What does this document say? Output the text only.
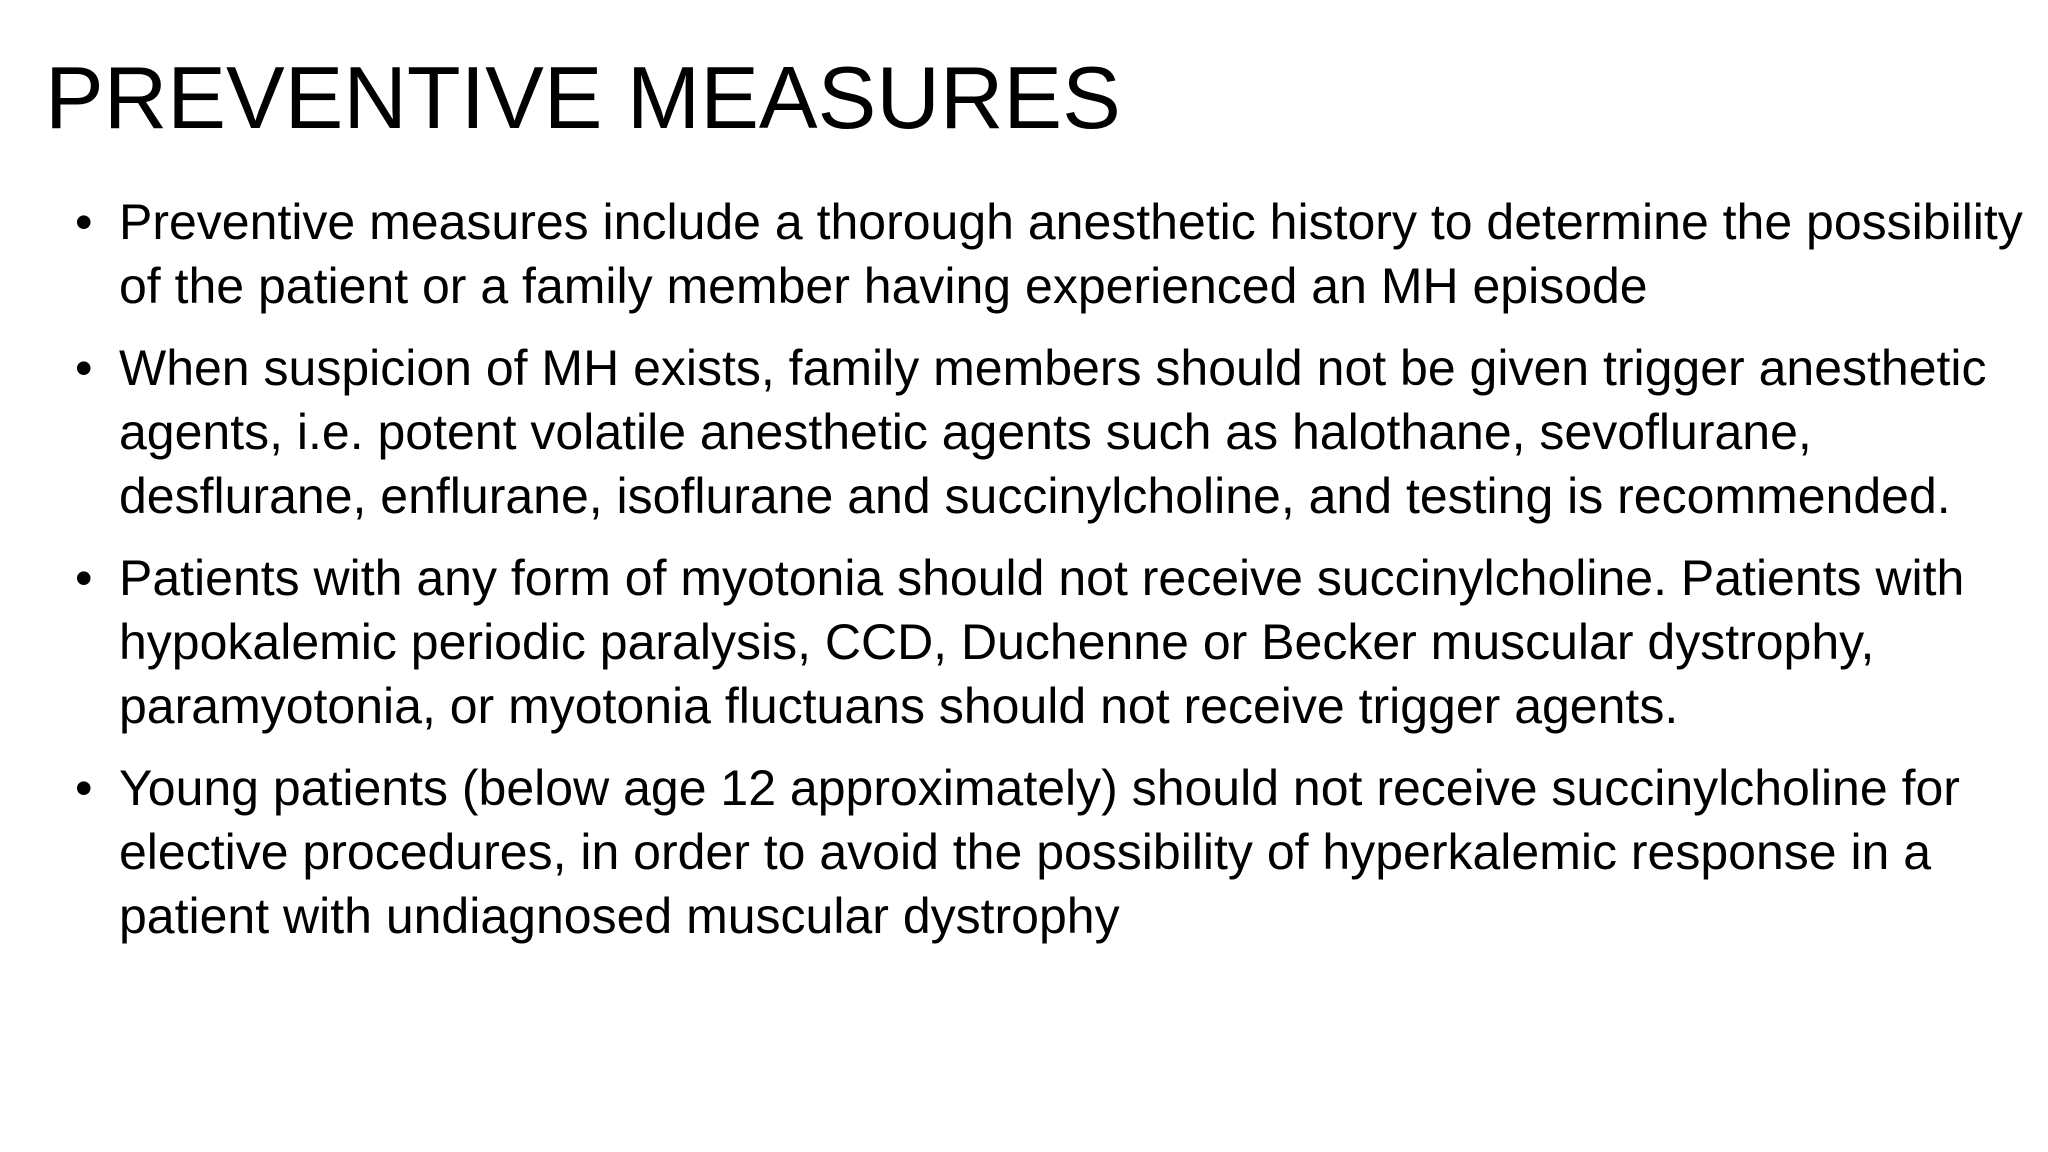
PREVENTIVE MEASURES
• Preventive measures include a thorough anesthetic history to determine the possibility of the patient or a family member having experienced an MH episode
• When suspicion of MH exists, family members should not be given trigger anesthetic agents, i.e. potent volatile anesthetic agents such as halothane, sevoflurane, desflurane, enflurane, isoflurane and succinylcholine, and testing is recommended.
• Patients with any form of myotonia should not receive succinylcholine. Patients with hypokalemic periodic paralysis, CCD, Duchenne or Becker muscular dystrophy, paramyotonia, or myotonia fluctuans should not receive trigger agents.
• Young patients (below age 12 approximately) should not receive succinylcholine for elective procedures, in order to avoid the possibility of hyperkalemic response in a patient with undiagnosed muscular dystrophy
